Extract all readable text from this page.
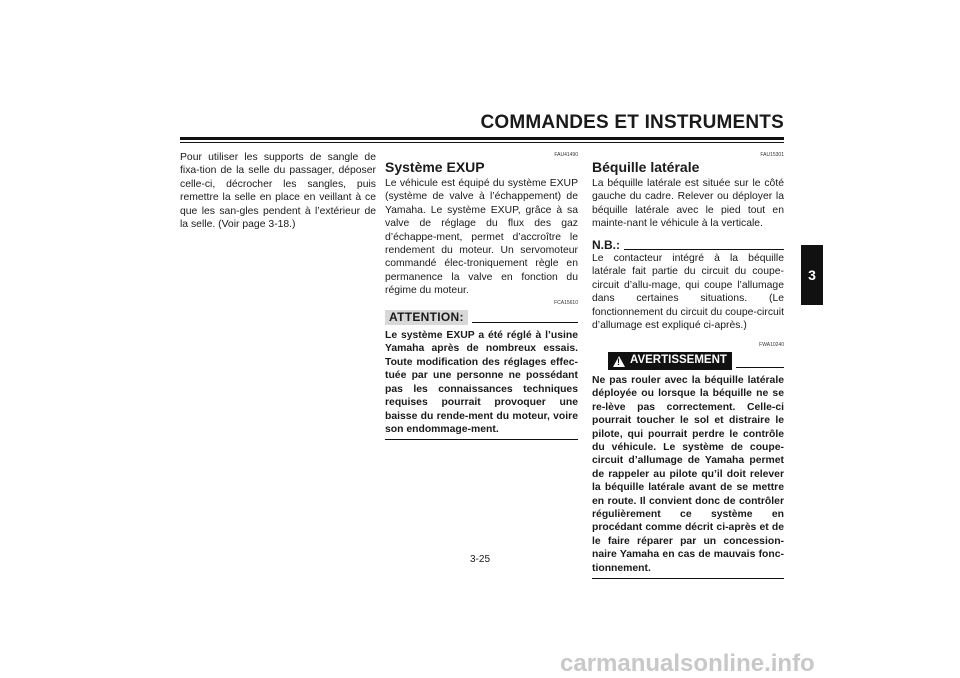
COMMANDES ET INSTRUMENTS
3

Pour utiliser les supports de sangle de fixa-tion de la selle du passager, déposer celle-ci, décrocher les sangles, puis remettre la selle en place en veillant à ce que les san-gles pendent à l’extérieur de la selle. (Voir page 3-18.)

FAU41490
Système EXUP

Le véhicule est équipé du système EXUP (système de valve à l’échappement) de Yamaha. Le système EXUP, grâce à sa valve de réglage du flux des gaz d’échappe-ment, permet d’accroître le rendement du moteur. Un servomoteur commandé élec-troniquement règle en permanence la valve en fonction du régime du moteur.

FCA15610
ATTENTION:

Le système EXUP a été réglé à l’usine Yamaha après de nombreux essais. Toute modification des réglages effec-tuée par une personne ne possédant pas les connaissances techniques requises pourrait provoquer une baisse du rende-ment du moteur, voire son endommage-ment.

FAU15301
Béquille latérale

La béquille latérale est située sur le côté gauche du cadre. Relever ou déployer la béquille latérale avec le pied tout en mainte-nant le véhicule à la verticale.

N.B.:

Le contacteur intégré à la béquille latérale fait partie du circuit du coupe-circuit d’allu-mage, qui coupe l’allumage dans certaines situations. (Le fonctionnement du circuit du coupe-circuit d’allumage est expliqué ci-après.)

FWA10240
! AVERTISSEMENT

Ne pas rouler avec la béquille latérale déployée ou lorsque la béquille ne se re-lève pas correctement. Celle-ci pourrait toucher le sol et distraire le pilote, qui pourrait perdre le contrôle du véhicule. Le système de coupe-circuit d’allumage de Yamaha permet de rappeler au pilote qu’il doit relever la béquille latérale avant de se mettre en route. Il convient donc de contrôler régulièrement ce système en procédant comme décrit ci-après et de le faire réparer par un concession-naire Yamaha en cas de mauvais fonc-tionnement.

3-25
carmanualsonline.info
